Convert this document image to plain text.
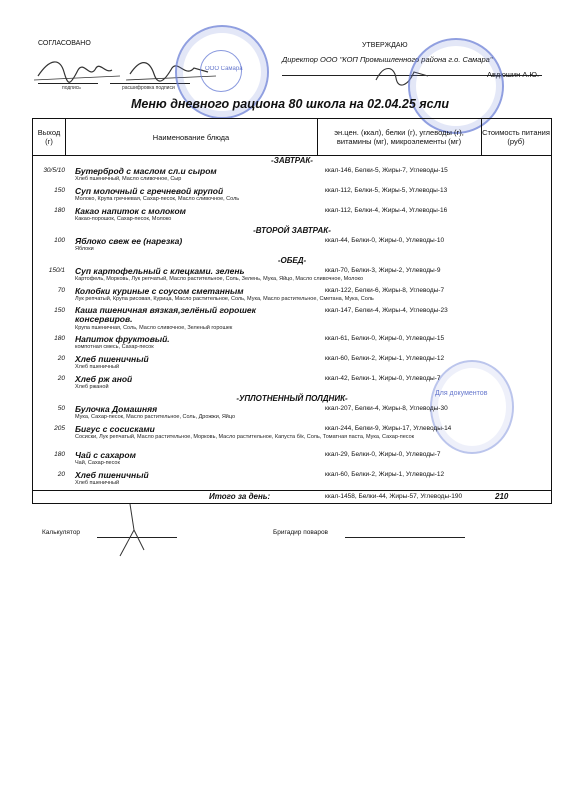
СОГЛАСОВАНО
подпись	расшифровка подписи
ООО Самара
УТВЕРЖДАЮ
Директор ООО "КОП Промышленного района г.о. Самара"
Авдюшин А.Ю.
Для документов
Меню дневного рациона 80 школа на 02.04.25 ясли
Выход (г)	Наименование блюда	эн.цен. (ккал), белки (г), углеводы (г), витамины (мг), микроэлементы (мг)
Стоимость питания (руб)
-ЗАВТРАК-
30/5/10 Бутерброд с маслом сл.и сыром	ккал-146, Белки-5, Жиры-7, Углеводы-15
Хлеб пшеничный, Масло сливочное, Сыр
150 Суп молочный с гречневой крупой	ккал-112, Белки-5, Жиры-5, Углеводы-13
Молоко, Крупа гречневая, Сахар-песок, Масло сливочное, Соль
180 Какао напиток с молоком	ккал-112, Белки-4, Жиры-4, Углеводы-16
Какао-порошок, Сахар-песок, Молоко
-ВТОРОЙ ЗАВТРАК-
100 Яблоко свеж ее (нарезка)	ккал-44, Белки-0, Жиры-0, Углеводы-10
Яблоки
-ОБЕД-
150/1 Суп картофельный с клецками. зелень	ккал-70, Белки-3, Жиры-2, Углеводы-9
Картофель, Морковь, Лук репчатый, Масло растительное, Соль, Зелень, Мука, Яйцо, Масло сливочное, Молоко
70 Колобки куриные с соусом сметанным	ккал-122, Белки-6, Жиры-8, Углеводы-7
Лук репчатый, Крупа рисовая, Курица, Масло растительное, Соль, Мука, Масло растительное, Сметана, Мука, Соль
150 Каша пшеничная вязкая,зелёный горошек консервиров.
ккал-147, Белки-4, Жиры-4, Углеводы-23
Крупа пшеничная, Соль, Масло сливочное, Зеленый горошек
180 Напиток фруктовый.	ккал-61, Белки-0, Жиры-0, Углеводы-15
компотная смесь, Сахар-песок
20 Хлеб пшеничный	ккал-60, Белки-2, Жиры-1, Углеводы-12
Хлеб пшеничный
20 Хлеб рж аной	ккал-42, Белки-1, Жиры-0, Углеводы-7
Хлеб ржаной
-УПЛОТНЕННЫЙ ПОЛДНИК-
50 Булочка Домашняя	ккал-207, Белки-4, Жиры-8, Углеводы-30
Мука, Сахар-песок, Масло растительное, Соль, Дрожжи, Яйцо
205 Бигус с сосисками	ккал-244, Белки-9, Жиры-17, Углеводы-14
Сосиски, Лук репчатый, Масло растительное, Морковь, Масло растительное, Капуста б/к, Соль, Томатная паста, Мука, Сахар-песок
180 Чай с сахаром	ккал-29, Белки-0, Жиры-0, Углеводы-7
Чай, Сахар-песок
20 Хлеб пшеничный	ккал-60, Белки-2, Жиры-1, Углеводы-12
Хлеб пшеничный
Итого за день:	ккал-1458, Белки-44, Жиры-57, Углеводы-190	210
Калькулятор	Бригадир поваров
